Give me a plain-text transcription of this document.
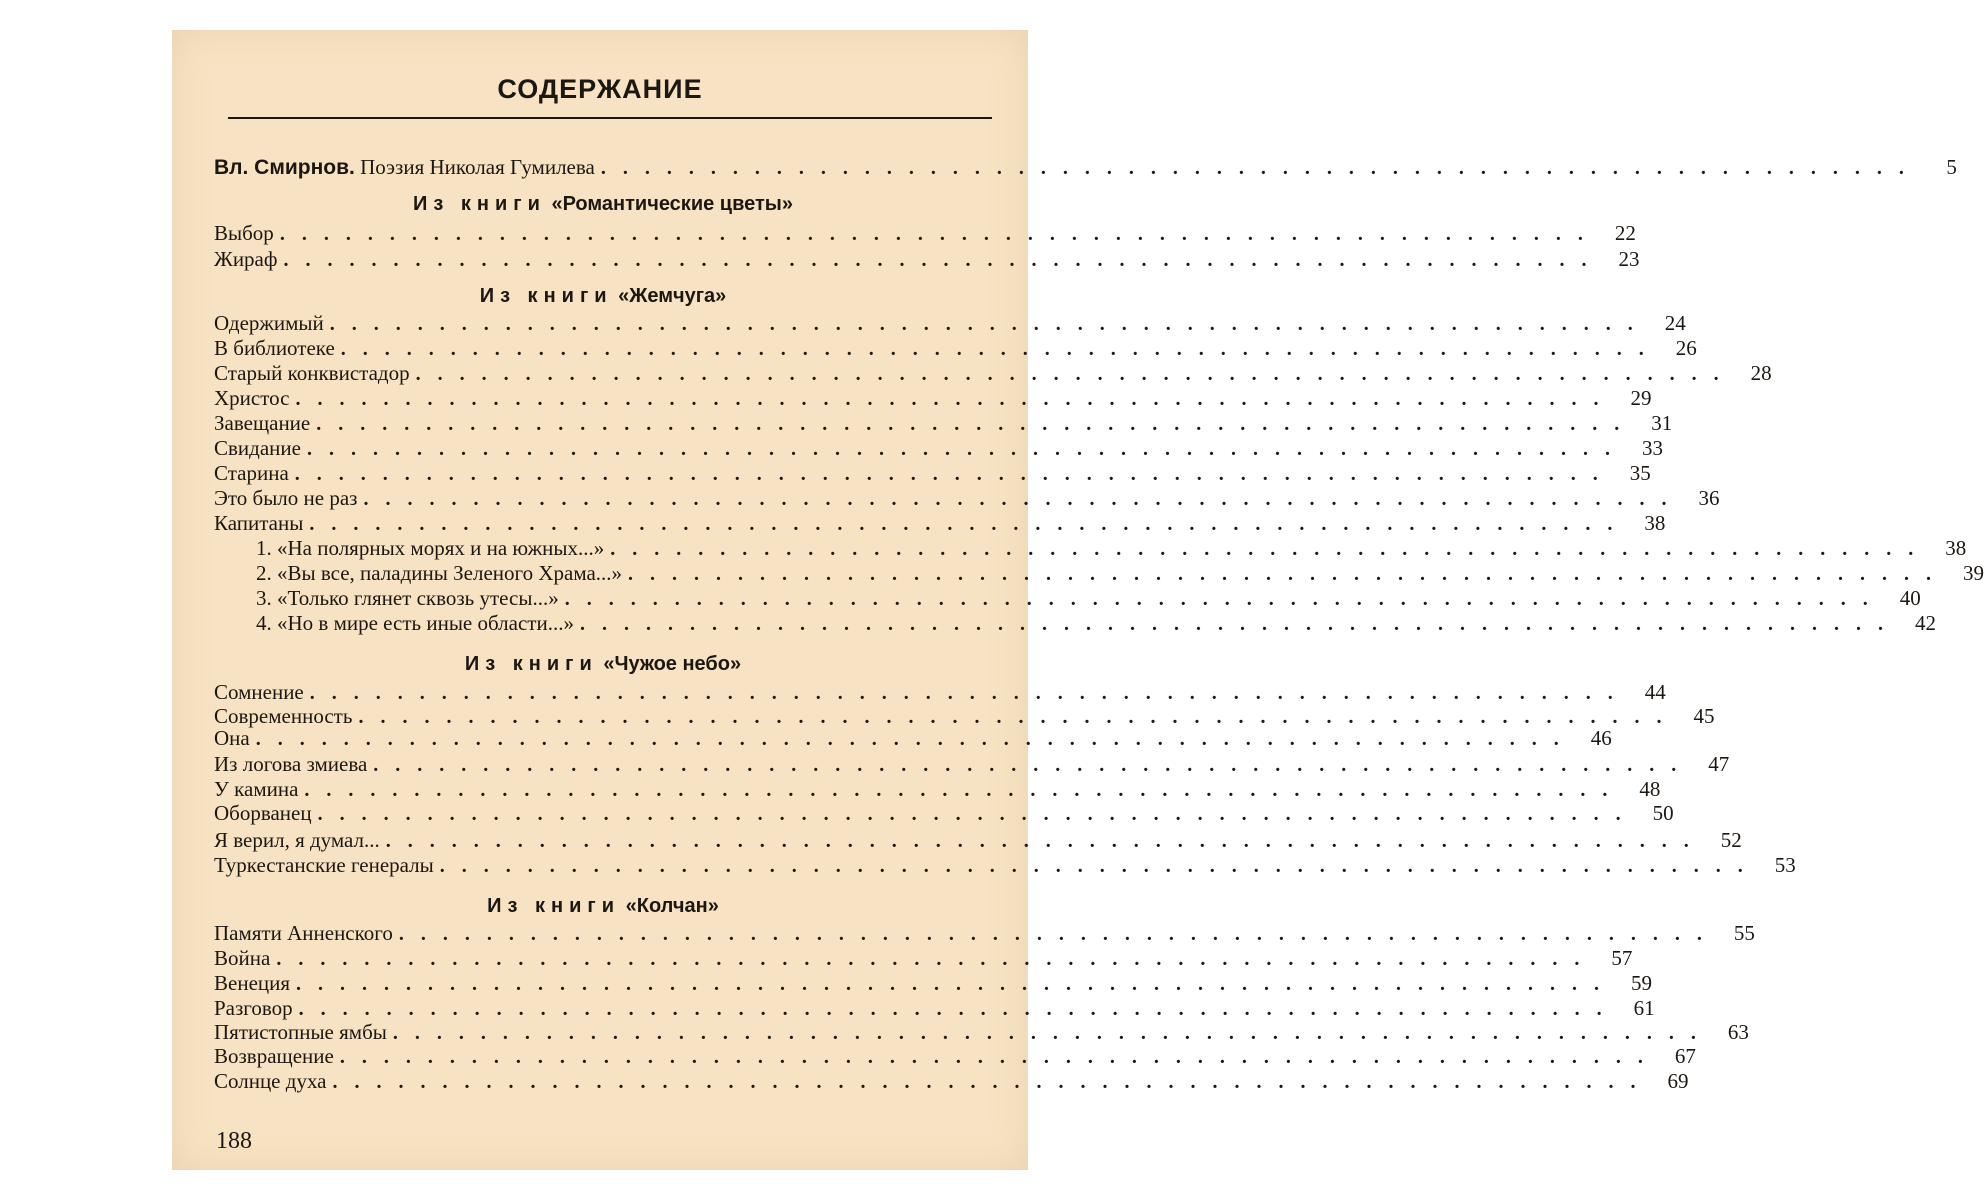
СОДЕРЖАНИЕ
Вл. Смирнов. Поэзия Николая Гумилева ............................................................	5
Из книги «Романтические цветы»
Выбор ............................................................ 22
Жираф ............................................................ 23
Из книги «Жемчуга»
Одержимый ............................................................ 24
В библиотеке ............................................................ 26
Старый конквистадор ............................................................ 28
Христос ............................................................ 29
Завещание ............................................................ 31
Свидание ............................................................ 33
Старина ............................................................ 35
Это было не раз ............................................................ 36
Капитаны ............................................................ 38
1. «На полярных морях и на южных...» ............................................................ 38
2. «Вы все, паладины Зеленого Храма...» ............................................................ 39
3. «Только глянет сквозь утесы...» ............................................................ 40
4. «Но в мире есть иные области...» ............................................................ 42
Из книги «Чужое небо»
Сомнение ............................................................ 44
Современность ............................................................ 45
Она ............................................................ 46
Из логова змиева ............................................................ 47
У камина ............................................................ 48
Оборванец ............................................................ 50
Я верил, я думал... ............................................................ 52
Туркестанские генералы ............................................................ 53
Из книги «Колчан»
Памяти Анненского ............................................................ 55
Война ............................................................ 57
Венеция ............................................................ 59
Разговор ............................................................ 61
Пятистопные ямбы ............................................................ 63
Возвращение ............................................................ 67
Солнце духа ............................................................ 69
188
